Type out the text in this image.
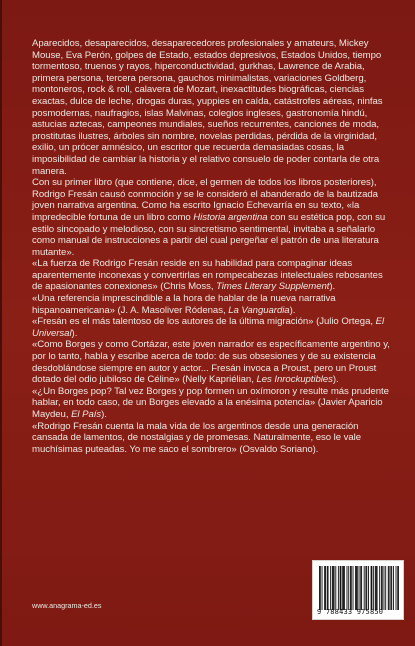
Aparecidos, desaparecidos, desaparecedores profesionales y amateurs, Mickey Mouse, Eva Perón, golpes de Estado, estados depresivos, Estados Unidos, tiempo tormentoso, truenos y rayos, hiperconductividad, gurkhas, Lawrence de Arabia, primera persona, tercera persona, gauchos minimalistas, variaciones Goldberg, montoneros, rock & roll, calavera de Mozart, inexactitudes biográficas, ciencias exactas, dulce de leche, drogas duras, yuppies en caída, catástrofes aéreas, ninfas posmodernas, naufragios, islas Malvinas, colegios ingleses, gastronomía hindú, astucias aztecas, campeones mundiales, sueños recurrentes, canciones de moda, prostitutas ilustres, árboles sin nombre, novelas perdidas, pérdida de la virginidad, exilio, un prócer amnésico, un escritor que recuerda demasiadas cosas, la imposibilidad de cambiar la historia y el relativo consuelo de poder contarla de otra manera.

Con su primer libro (que contiene, dice, el germen de todos los libros posteriores), Rodrigo Fresán causó conmoción y se le consideró el abanderado de la bautizada joven narrativa argentina. Como ha escrito Ignacio Echevarría en su texto, «la impredecible fortuna de un libro como Historia argentina con su estética pop, con su estilo sincopado y melodioso, con su sincretismo sentimental, invitaba a señalarlo como manual de instrucciones a partir del cual pergeñar el patrón de una literatura mutante».

«La fuerza de Rodrigo Fresán reside en su habilidad para compaginar ideas aparentemente inconexas y convertirlas en rompecabezas intelectuales rebosantes de apasionantes conexiones» (Chris Moss, Times Literary Supplement).

«Una referencia imprescindible a la hora de hablar de la nueva narrativa hispanoamericana» (J. A. Masoliver Ródenas, La Vanguardia).

«Fresán es el más talentoso de los autores de la última migración» (Julio Ortega, El Universal).

«Como Borges y como Cortázar, este joven narrador es específicamente argentino y, por lo tanto, habla y escribe acerca de todo: de sus obsesiones y de su existencia desdoblándose siempre en autor y actor... Fresán invoca a Proust, pero un Proust dotado del odio jubiloso de Céline» (Nelly Kapriélian, Les Inrockuptibles).

«¿Un Borges pop? Tal vez Borges y pop formen un oxímoron y resulte más prudente hablar, en todo caso, de un Borges elevado a la enésima potencia» (Javier Aparicio Maydeu, El País).

«Rodrigo Fresán cuenta la mala vida de los argentinos desde una generación cansada de lamentos, de nostalgias y de promesas. Naturalmente, eso le vale muchísimas puteadas. Yo me saco el sombrero» (Osvaldo Soriano).

9 788433 975850
www.anagrama-ed.es
